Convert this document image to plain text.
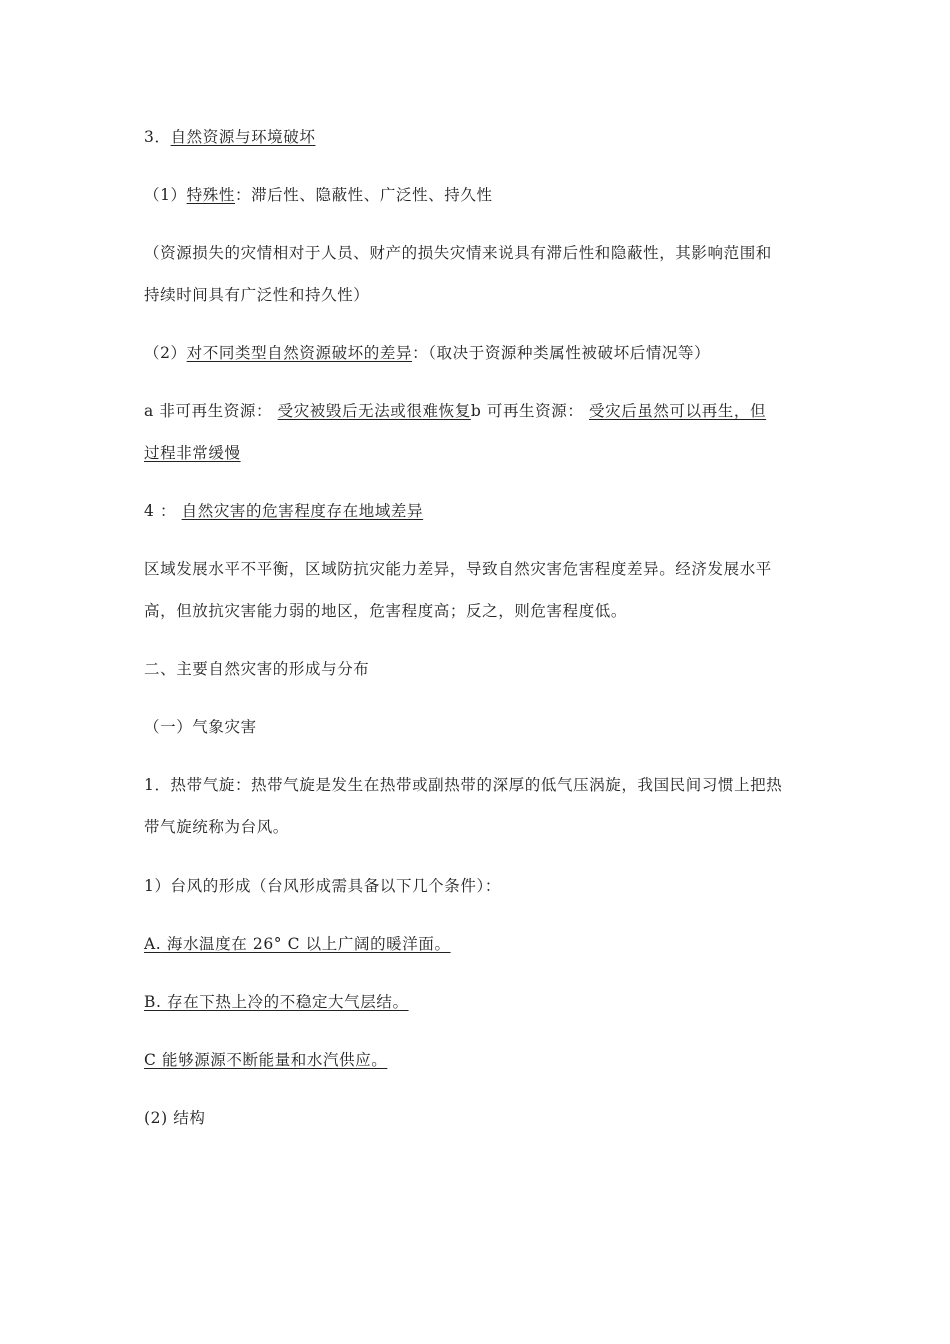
3．自然资源与环境破坏
（1）特殊性：滞后性、隐蔽性、广泛性、持久性
（资源损失的灾情相对于人员、财产的损失灾情来说具有滞后性和隐蔽性，其影响范围和
持续时间具有广泛性和持久性）
（2）对不同类型自然资源破坏的差异：（取决于资源种类属性被破坏后情况等）
a 非可再生资源： 受灾被毁后无法或很难恢复b 可再生资源： 受灾后虽然可以再生，但
过程非常缓慢
4 ： 自然灾害的危害程度存在地域差异
区域发展水平不平衡，区域防抗灾能力差异，导致自然灾害危害程度差异。经济发展水平
高，但放抗灾害能力弱的地区，危害程度高；反之，则危害程度低。
二、主要自然灾害的形成与分布
（一）气象灾害
1．热带气旋：热带气旋是发生在热带或副热带的深厚的低气压涡旋，我国民间习惯上把热
带气旋统称为台风。
1）台风的形成（台风形成需具备以下几个条件）：
A. 海水温度在 26° C 以上广阔的暖洋面。
B. 存在下热上冷的不稳定大气层结。
C 能够源源不断能量和水汽供应。
(2) 结构
